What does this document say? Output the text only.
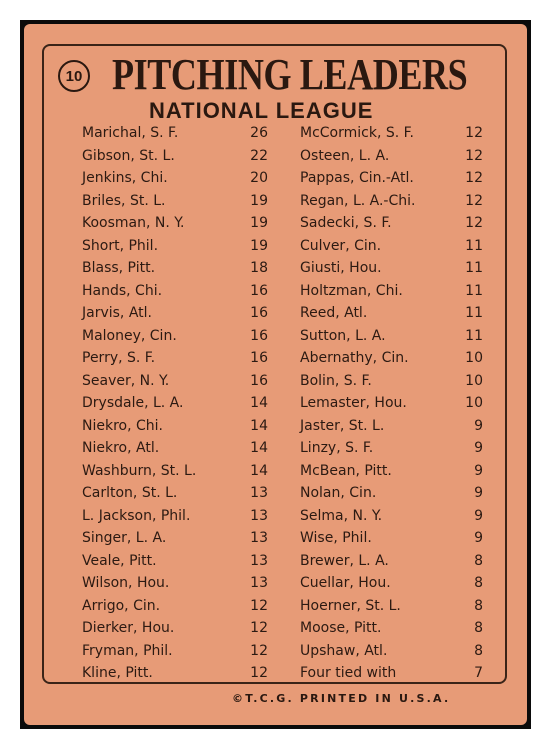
10 PITCHING LEADERS
NATIONAL LEAGUE
Marichal, S. F.	26 McCormick, S. F.	12
Gibson, St. L.	22 Osteen, L. A.	12
Jenkins, Chi.	20 Pappas, Cin.-Atl.	12
Briles, St. L.	19 Regan, L. A.-Chi.	12
Koosman, N. Y.	19 Sadecki, S. F.	12
Short, Phil.	19 Culver, Cin.	11
Blass, Pitt.	18 Giusti, Hou.	11
Hands, Chi.	16 Holtzman, Chi.	11
Jarvis, Atl.	16 Reed, Atl.	11
Maloney, Cin.	16 Sutton, L. A.	11
Perry, S. F.	16 Abernathy, Cin.	10
Seaver, N. Y.	16 Bolin, S. F.	10
Drysdale, L. A.	14 Lemaster, Hou.	10
Niekro, Chi.	14 Jaster, St. L.	9
Niekro, Atl.	14 Linzy, S. F.	9
Washburn, St. L.	14 McBean, Pitt.	9
Carlton, St. L.	13 Nolan, Cin.	9
L. Jackson, Phil.	13 Selma, N. Y.	9
Singer, L. A.	13 Wise, Phil.	9
Veale, Pitt.	13 Brewer, L. A.	8
Wilson, Hou.	13 Cuellar, Hou.	8
Arrigo, Cin.	12 Hoerner, St. L.	8
Dierker, Hou.	12 Moose, Pitt.	8
Fryman, Phil.	12 Upshaw, Atl.	8
Kline, Pitt.	12 Four tied with	7
©T.C.G. PRINTED IN U.S.A.
